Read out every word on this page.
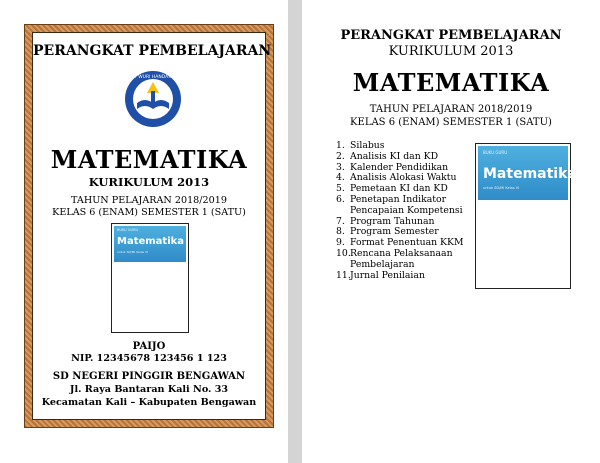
PERANGKAT PEMBELAJARAN
TUT WURI HANDAYANI
MATEMATIKA
KURIKULUM 2013
TAHUN PELAJARAN 2018/2019
KELAS 6 (ENAM) SEMESTER 1 (SATU)
BUKU GURU
Matematika
untuk SD/MI Kelas VI
PAIJO
NIP. 12345678 123456 1 123
SD NEGERI PINGGIR BENGAWAN
Jl. Raya Bantaran Kali No. 33
Kecamatan Kali – Kabupaten Bengawan
PERANGKAT PEMBELAJARAN
KURIKULUM 2013
MATEMATIKA
TAHUN PELAJARAN 2018/2019
KELAS 6 (ENAM) SEMESTER 1 (SATU)
1. Silabus
2. Analisis KI dan KD
3. Kalender Pendidikan
4. Analisis Alokasi Waktu
5. Pemetaan KI dan KD
6. Penetapan Indikator
Pencapaian Kompetensi
7. Program Tahunan
8. Program Semester
9. Format Penentuan KKM
10. Rencana Pelaksanaan
Pembelajaran
11. Jurnal Penilaian
BUKU GURU
Matematika
untuk SD/MI Kelas VI
